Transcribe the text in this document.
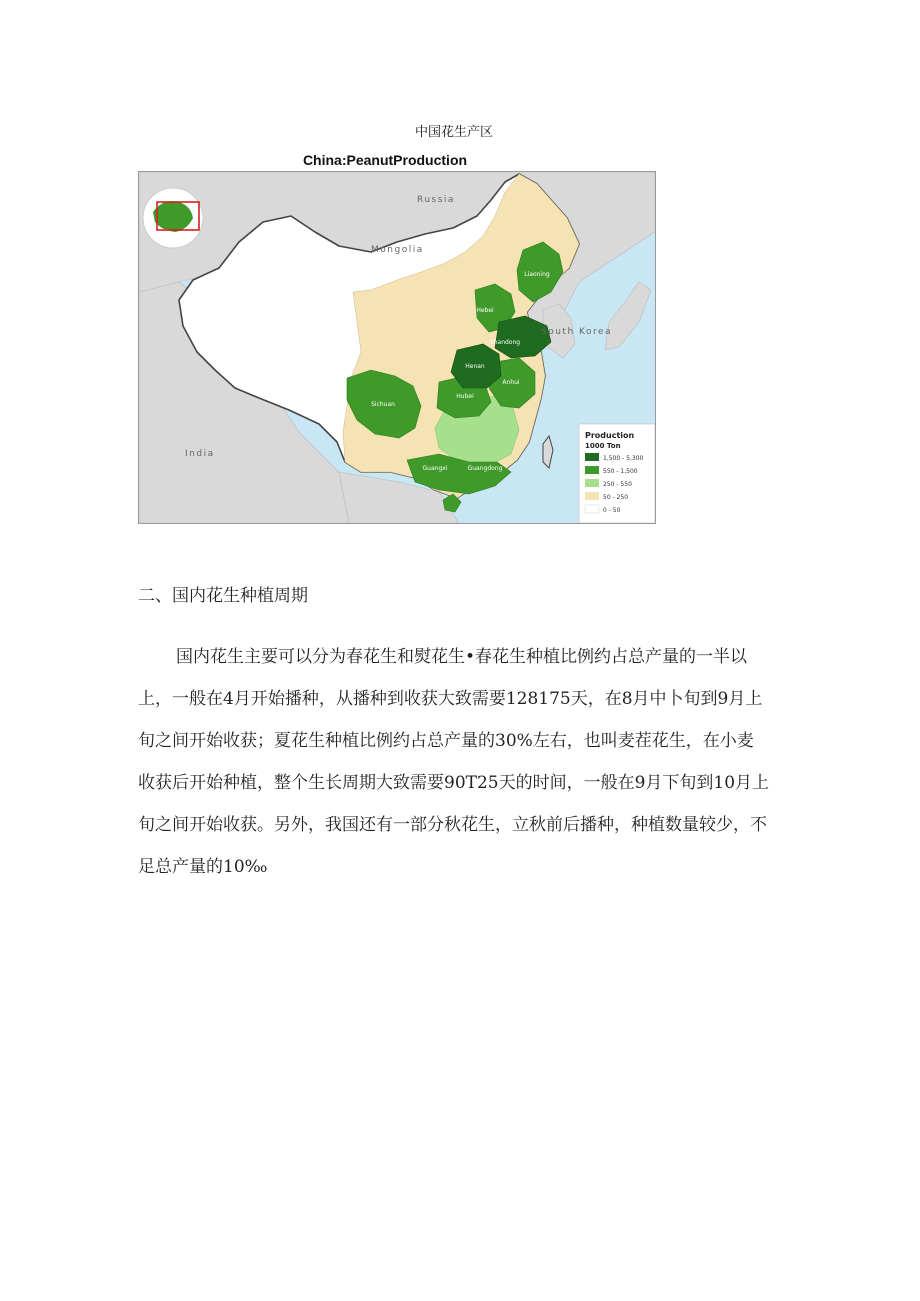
中国花生产区
China:PeanutProduction
Shandong
Henan
Sichuan
Hubei
Anhui
Guangxi	Guangdong
Liaoning
Hebei
Russia
Mongolia
South Korea
India
Production
1000 Ton
1,500 - 5,300
550 - 1,500
250 - 550
50 - 250
0 - 50
二、国内花生种植周期

国内花生主要可以分为春花生和熨花生•春花生种植比例约占总产量的一半以上，一般在4月开始播种，从播种到收获大致需要128175天，在8月中卜旬到9月上旬之间开始收获；夏花生种植比例约占总产量的30%左右，也叫麦茬花生，在小麦收获后开始种植，整个生长周期大致需要90T25天的时间，一般在9月下旬到10月上旬之间开始收获。另外，我国还有一部分秋花生，立秋前后播种，种植数量较少，不足总产量的10‰
